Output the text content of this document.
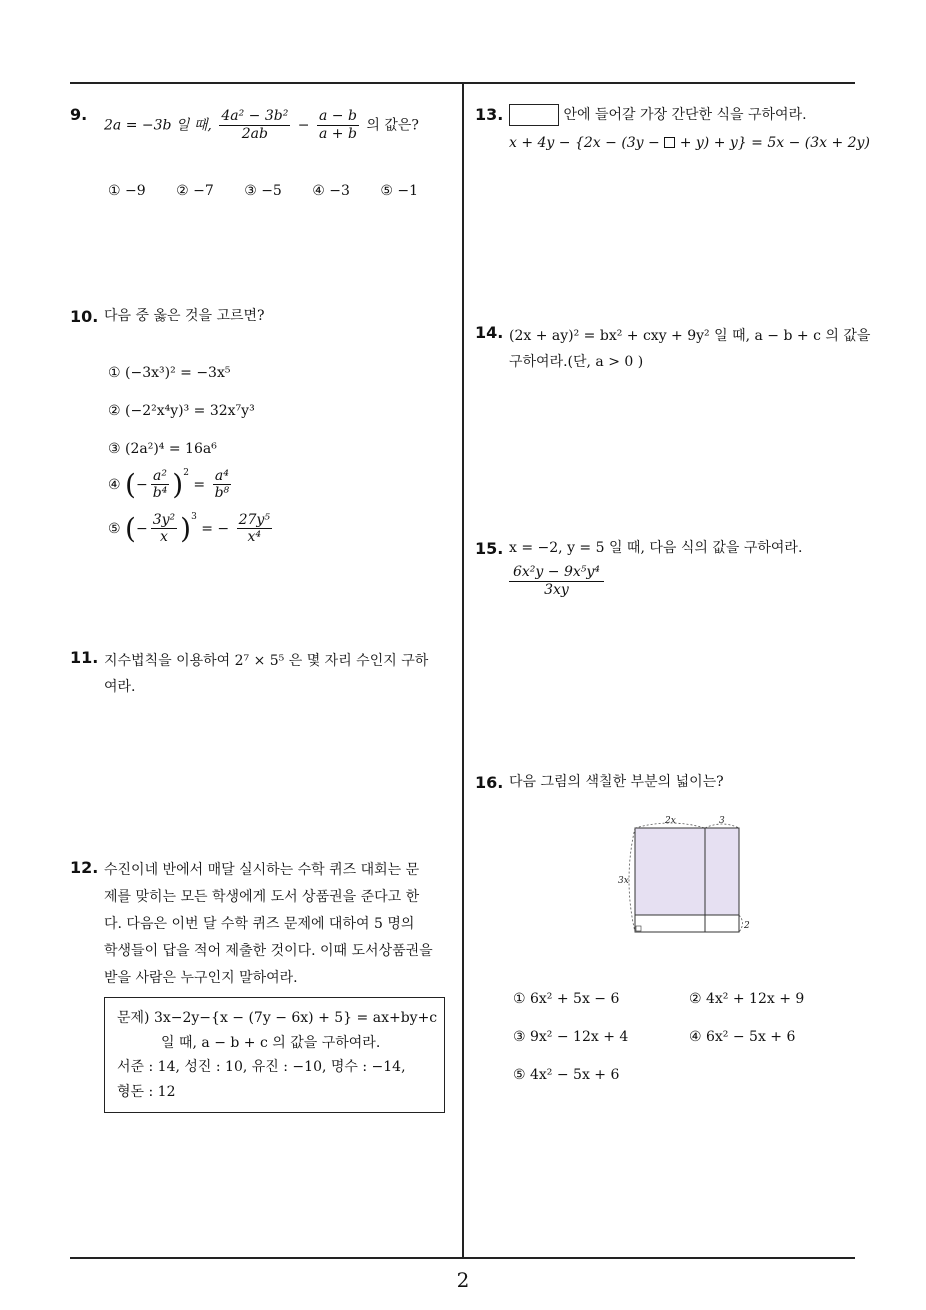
9.
2a = −3b 일 때, $\frac{\text{4a² − 3b²}}{2ab} - \frac{a - b}{a + b}$ 의 값은?
① −9 ② −7 ③ −5 ④ −3 ⑤ −1
10. 다음 중 옳은 것을 고르면?
① (−3x³)² = −3x⁵
② (−2²x⁴y)³ = 32x⁷y³
③ (2a²)⁴ = 16a⁶
④ (− $\frac{\text{a²}}{\text{b⁴}} )^2 = \frac{\text{a⁴}}{\text{b⁸}}$
⑤ (− $\frac{\text{3y²}}{x} )^3$ = − $\frac{\text{27y⁵}}{\text{x⁴}}$
11. 지수법칙을 이용하여 2⁷ × 5⁵ 은 몇 자리 수인지 구하
여라.
12. 수진이네 반에서 매달 실시하는 수학 퀴즈 대회는 문
제를 맞히는 모든 학생에게 도서 상품권을 준다고 한
다. 다음은 이번 달 수학 퀴즈 문제에 대하여 5 명의
학생들이 답을 적어 제출한 것이다. 이때 도서상품권을
받을 사람은 누구인지 말하여라.
문제) 3x−2y−{x − (7y − 6x) + 5} = ax+by+c
일 때, a − b + c 의 값을 구하여라.
서준 : 14, 성진 : 10, 유진 : −10, 명수 : −14,
형돈 : 12
13.	안에 들어갈 가장 간단한 식을 구하여라.
x + 4y − {2x − (3y − + y) + y} = 5x − (3x + 2y)
14. (2x + ay)² = bx² + cxy + 9y² 일 때, a − b + c 의 값을
구하여라.(단, a > 0 )
15. x = −2, y = 5 일 때, 다음 식의 값을 구하여라.
$\frac{\text{6x²y − 9x⁵y⁴}}{3xy}$
16. 다음 그림의 색칠한 부분의 넓이는?
2x	3
3x
2
① 6x² + 5x − 6	② 4x² + 12x + 9
③ 9x² − 12x + 4	④ 6x² − 5x + 6
⑤ 4x² − 5x + 6
2
